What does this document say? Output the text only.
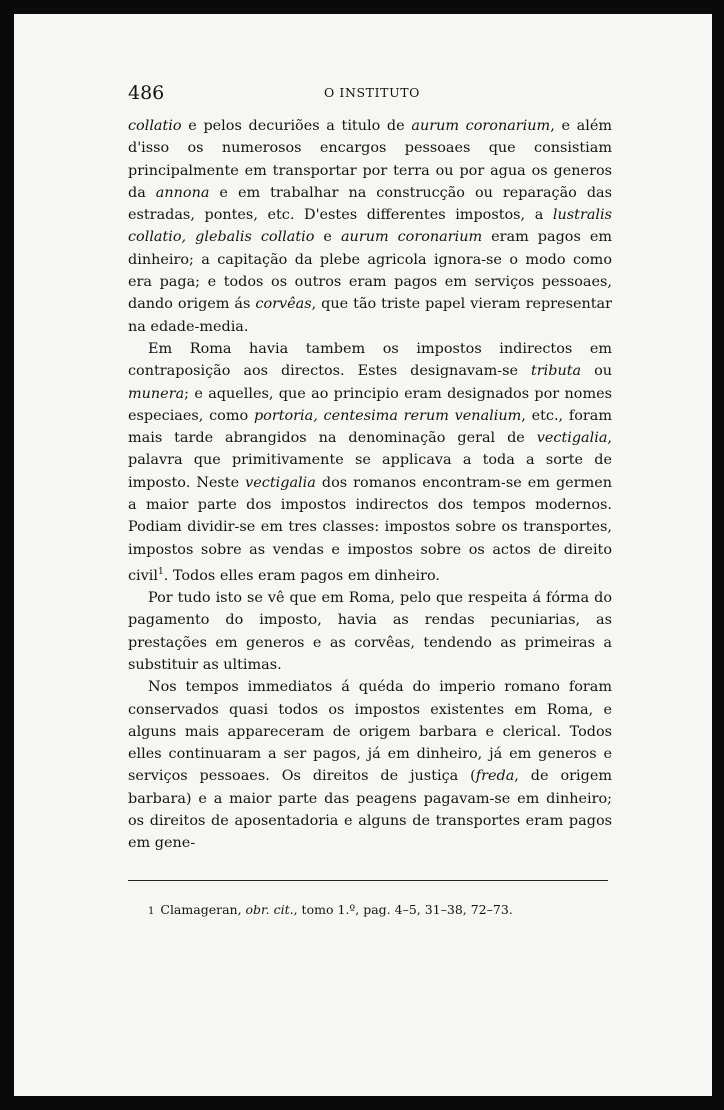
486	O INSTITUTO

collatio e pelos decuriões a titulo de aurum coronarium, e além d'isso os numerosos encargos pessoaes que consistiam principalmente em transportar por terra ou por agua os generos da annona e em trabalhar na construcção ou reparação das estradas, pontes, etc. D'estes differentes impostos, a lustralis collatio, glebalis collatio e aurum coronarium eram pagos em dinheiro; a capitação da plebe agricola ignora-se o modo como era paga; e todos os outros eram pagos em serviços pessoaes, dando origem ás corvêas, que tão triste papel vieram representar na edade-media.

Em Roma havia tambem os impostos indirectos em contraposição aos directos. Estes designavam-se tributa ou munera; e aquelles, que ao principio eram designados por nomes especiaes, como portoria, centesima rerum venalium, etc., foram mais tarde abrangidos na denominação geral de vectigalia, palavra que primitivamente se applicava a toda a sorte de imposto. Neste vectigalia dos romanos encontram-se em germen a maior parte dos impostos indirectos dos tempos modernos. Podiam dividir-se em tres classes: impostos sobre os transportes, impostos sobre as vendas e impostos sobre os actos de direito civil$^1$. Todos elles eram pagos em dinheiro.

Por tudo isto se vê que em Roma, pelo que respeita á fórma do pagamento do imposto, havia as rendas pecuniarias, as prestações em generos e as corvêas, tendendo as primeiras a substituir as ultimas.

Nos tempos immediatos á quéda do imperio romano foram conservados quasi todos os impostos existentes em Roma, e alguns mais appareceram de origem barbara e clerical. Todos elles continuaram a ser pagos, já em dinheiro, já em generos e serviços pessoaes. Os direitos de justiça (freda, de origem barbara) e a maior parte das peagens pagavam-se em dinheiro; os direitos de aposentadoria e alguns de transportes eram pagos em gene-

1 Clamageran, obr. cit., tomo 1.º, pag. 4–5, 31–38, 72–73.
